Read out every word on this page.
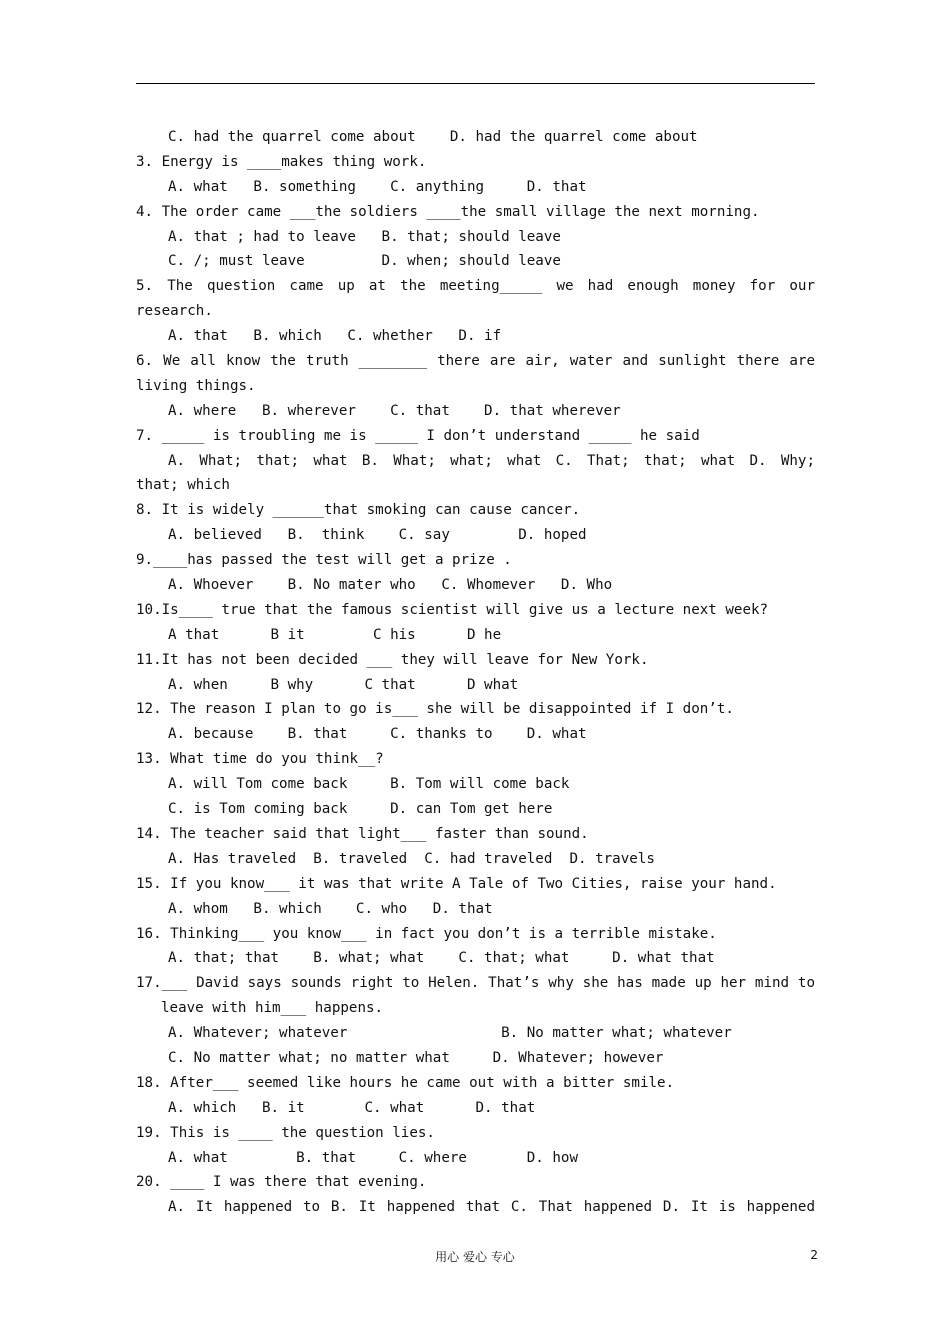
C. had the quarrel come about    D. had the quarrel come about
3. Energy is ____makes thing work.
A. what   B. something    C. anything     D. that
4. The order came ___the soldiers ____the small village the next morning.
A. that ; had to leave   B. that; should leave
C. /; must leave         D. when; should leave
5. The question came up at the meeting_____ we had enough money for our
research.
A. that   B. which   C. whether   D. if
6. We all know the truth ________ there are air, water and sunlight there are
living things.
A. where   B. wherever    C. that    D. that wherever
7. _____ is troubling me is _____ I don’t understand _____ he said
A. What; that; what B. What; what; what C. That; that; what D. Why;
that; which
8. It is widely ______that smoking can cause cancer.
A. believed   B.  think    C. say        D. hoped
9.____has passed the test will get a prize .
A. Whoever    B. No mater who   C. Whomever   D. Who
10.Is____ true that the famous scientist will give us a lecture next week?
A that      B it        C his      D he
11.It has not been decided ___ they will leave for New York.
A. when     B why      C that      D what
12. The reason I plan to go is___ she will be disappointed if I don’t.
A. because    B. that     C. thanks to    D. what
13. What time do you think__?
A. will Tom come back     B. Tom will come back
C. is Tom coming back     D. can Tom get here
14. The teacher said that light___ faster than sound.
A. Has traveled  B. traveled  C. had traveled  D. travels
15. If you know___ it was that write A Tale of Two Cities, raise your hand.
A. whom   B. which    C. who   D. that
16. Thinking___ you know___ in fact you don’t is a terrible mistake.
A. that; that    B. what; what    C. that; what     D. what that
17.___ David says sounds right to Helen. That’s why she has made up her mind to
leave with him___ happens.
A. Whatever; whatever                  B. No matter what; whatever
C. No matter what; no matter what     D. Whatever; however
18. After___ seemed like hours he came out with a bitter smile.
A. which   B. it       C. what      D. that
19. This is ____ the question lies.
A. what        B. that     C. where       D. how
20. ____ I was there that evening.
A. It happened to B. It happened that C. That happened D. It is happened
用心 爱心 专心	2
